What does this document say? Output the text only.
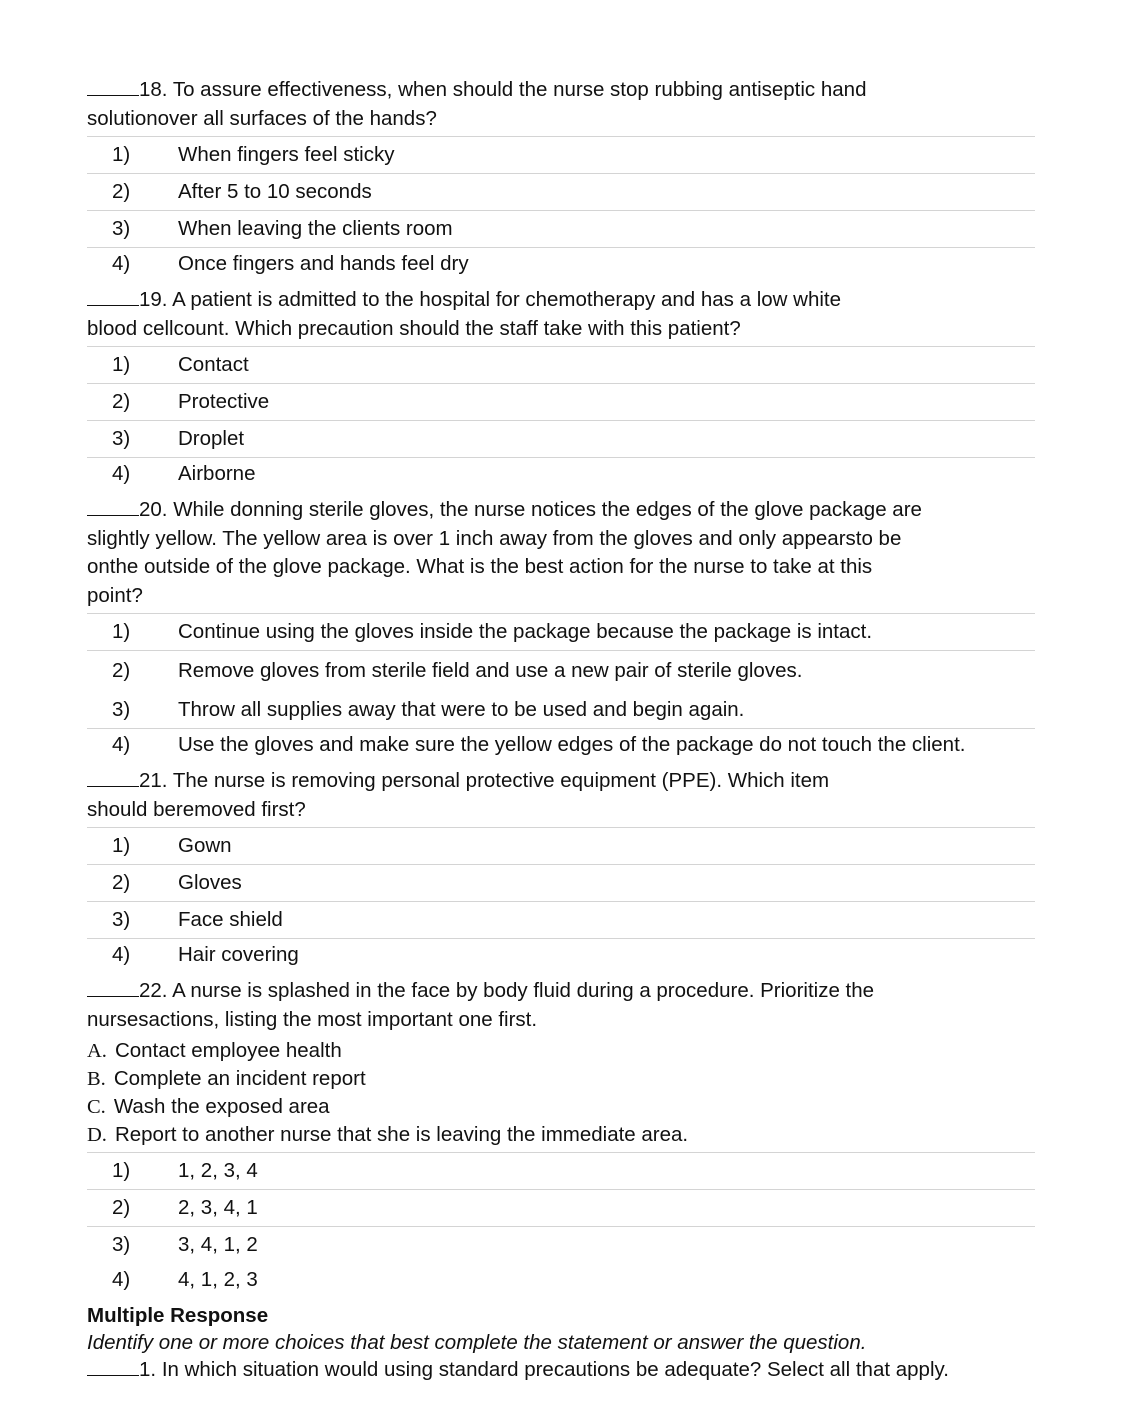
18. To assure effectiveness, when should the nurse stop rubbing antiseptic hand
solutionover all surfaces of the hands?
1)	When fingers feel sticky
2)	After 5 to 10 seconds
3)	When leaving the clients room
4)	Once fingers and hands feel dry
19. A patient is admitted to the hospital for chemotherapy and has a low white
blood cellcount. Which precaution should the staff take with this patient?
1)	Contact
2)	Protective
3)	Droplet
4)	Airborne
20. While donning sterile gloves, the nurse notices the edges of the glove package are
slightly yellow. The yellow area is over 1 inch away from the gloves and only appearsto be
onthe outside of the glove package. What is the best action for the nurse to take at this
point?
1)	Continue using the gloves inside the package because the package is intact.
2)	Remove gloves from sterile field and use a new pair of sterile gloves.
3)	Throw all supplies away that were to be used and begin again.
4)	Use the gloves and make sure the yellow edges of the package do not touch the client.
21. The nurse is removing personal protective equipment (PPE). Which item
should beremoved first?
1)	Gown
2)	Gloves
3)	Face shield
4)	Hair covering
22. A nurse is splashed in the face by body fluid during a procedure. Prioritize the
nursesactions, listing the most important one first.
A. Contact employee health
B. Complete an incident report
C. Wash the exposed area
D. Report to another nurse that she is leaving the immediate area.
1)	1, 2, 3, 4
2)	2, 3, 4, 1
3)	3, 4, 1, 2
4)	4, 1, 2, 3
Multiple Response
Identify one or more choices that best complete the statement or answer the question.
1. In which situation would using standard precautions be adequate? Select all that apply.
